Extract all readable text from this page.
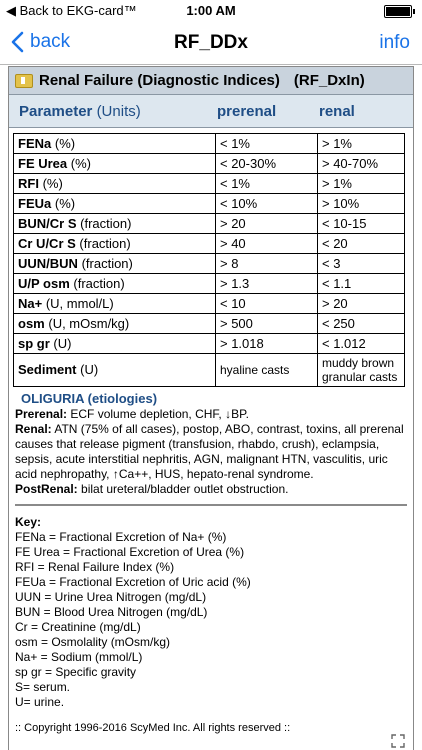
◀ Back to EKG-card™	1:00 AM
back	RF_DDx	info
Renal Failure (Diagnostic Indices) (RF_DxIn)
Parameter (Units)	prerenal	renal
FENa (%)	< 1%	> 1%
FE Urea (%)	< 20-30%	> 40-70%
RFI (%)	< 1%	> 1%
FEUa (%)	< 10%	> 10%
BUN/Cr S (fraction)	> 20	< 10-15
Cr U/Cr S (fraction)	> 40	< 20
UUN/BUN (fraction)	> 8	< 3
U/P osm (fraction)	> 1.3	< 1.1
Na+ (U, mmol/L)	< 10	> 20
osm (U, mOsm/kg)	> 500	< 250
sp gr (U)	> 1.018	< 1.012
Sediment (U)	hyaline casts	muddy brown granular casts
OLIGURIA (etiologies)
Prerenal: ECF volume depletion, CHF, ↓BP.
Renal: ATN (75% of all cases), postop, ABO, contrast, toxins, all prerenal causes that release pigment (transfusion, rhabdo, crush), eclampsia, sepsis, acute interstitial nephritis, AGN, malignant HTN, vasculitis, uric acid nephropathy, ↑Ca++, HUS, hepato-renal syndrome.
PostRenal: bilat ureteral/bladder outlet obstruction.
Key:
FENa = Fractional Excretion of Na+ (%)
FE Urea = Fractional Excretion of Urea (%)
RFI = Renal Failure Index (%)
FEUa = Fractional Excretion of Uric acid (%)
UUN = Urine Urea Nitrogen (mg/dL)
BUN = Blood Urea Nitrogen (mg/dL)
Cr = Creatinine (mg/dL)
osm = Osmolality (mOsm/kg)
Na+ = Sodium (mmol/L)
sp gr = Specific gravity
S= serum.
U= urine.
:: Copyright 1996-2016 ScyMed Inc. All rights reserved ::
